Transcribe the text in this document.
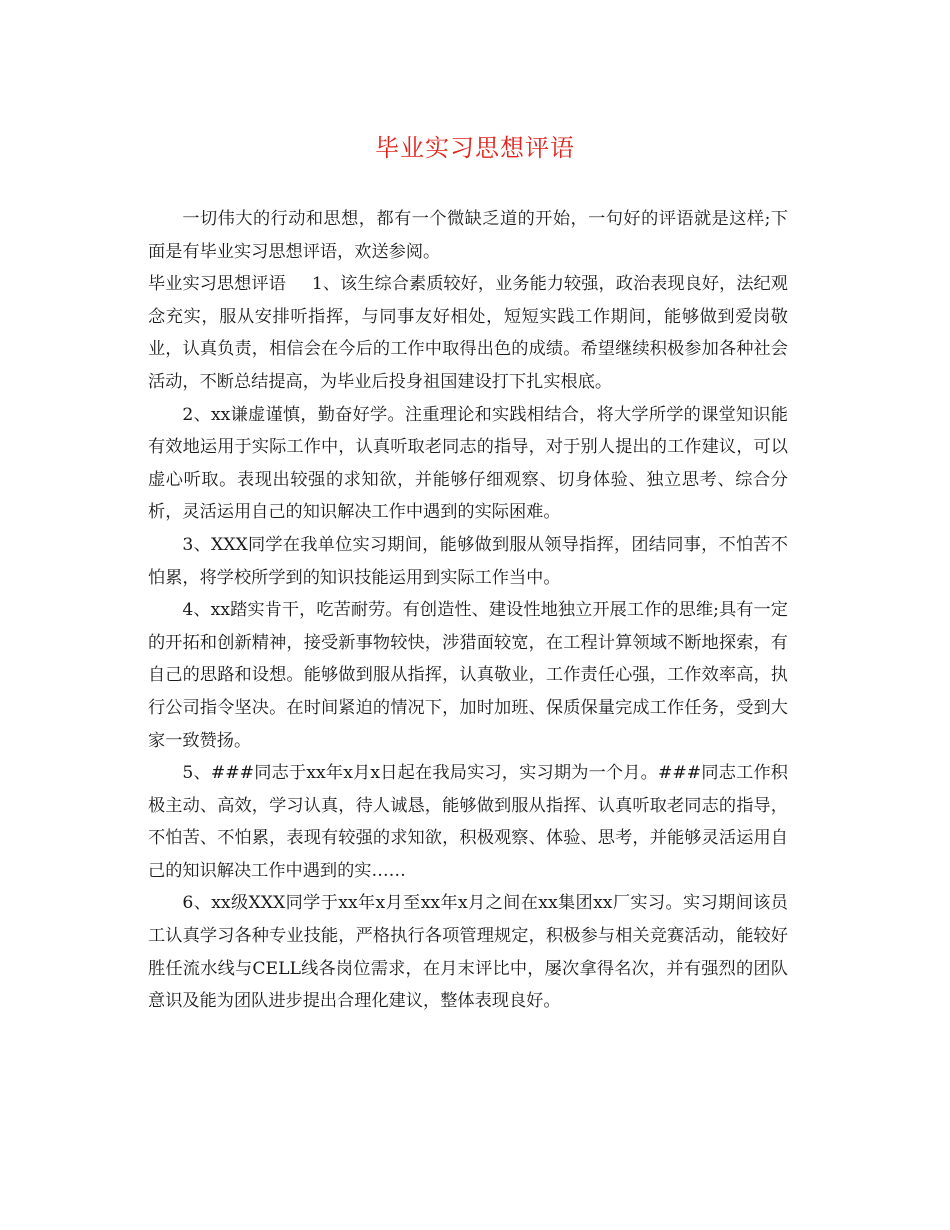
毕业实习思想评语

一切伟大的行动和思想，都有一个微缺乏道的开始，一句好的评语就是这样;下面是有毕业实习思想评语，欢送参阅。

毕业实习思想评语 1、该生综合素质较好，业务能力较强，政治表现良好，法纪观念充实，服从安排听指挥，与同事友好相处，短短实践工作期间，能够做到爱岗敬业，认真负责，相信会在今后的工作中取得出色的成绩。希望继续积极参加各种社会活动，不断总结提高，为毕业后投身祖国建设打下扎实根底。

2、xx谦虚谨慎，勤奋好学。注重理论和实践相结合，将大学所学的课堂知识能有效地运用于实际工作中，认真听取老同志的指导，对于别人提出的工作建议，可以虚心听取。表现出较强的求知欲，并能够仔细观察、切身体验、独立思考、综合分析，灵活运用自己的知识解决工作中遇到的实际困难。

3、XXX同学在我单位实习期间，能够做到服从领导指挥，团结同事，不怕苦不怕累，将学校所学到的知识技能运用到实际工作当中。

4、xx踏实肯干，吃苦耐劳。有创造性、建设性地独立开展工作的思维;具有一定的开拓和创新精神，接受新事物较快，涉猎面较宽，在工程计算领域不断地探索，有自己的思路和设想。能够做到服从指挥，认真敬业，工作责任心强，工作效率高，执行公司指令坚决。在时间紧迫的情况下，加时加班、保质保量完成工作任务，受到大家一致赞扬。

5、###同志于xx年x月x日起在我局实习，实习期为一个月。###同志工作积极主动、高效，学习认真，待人诚恳，能够做到服从指挥、认真听取老同志的指导，不怕苦、不怕累，表现有较强的求知欲，积极观察、体验、思考，并能够灵活运用自己的知识解决工作中遇到的实……

6、xx级XXX同学于xx年x月至xx年x月之间在xx集团xx厂实习。实习期间该员工认真学习各种专业技能，严格执行各项管理规定，积极参与相关竞赛活动，能较好胜任流水线与CELL线各岗位需求，在月末评比中，屡次拿得名次，并有强烈的团队意识及能为团队进步提出合理化建议，整体表现良好。
